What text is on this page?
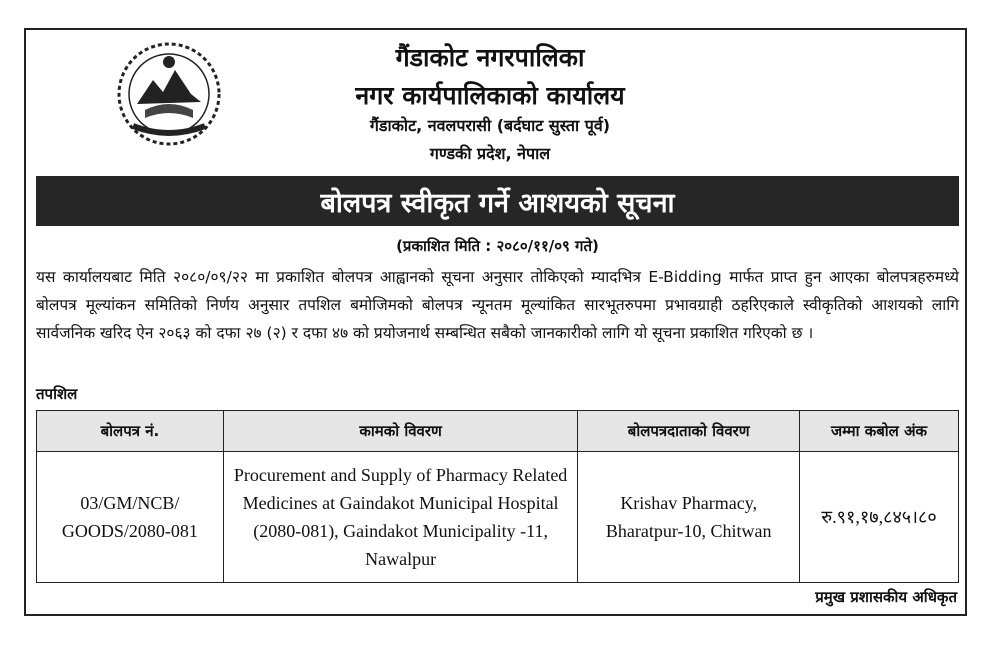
गैंडाकोट नगरपालिका
नगर कार्यपालिकाको कार्यालय
गैंडाकोट, नवलपरासी (बर्दघाट सुस्ता पूर्व)
गण्डकी प्रदेश, नेपाल
बोलपत्र स्वीकृत गर्ने आशयको सूचना
(प्रकाशित मिति : २०८०/११/०९ गते)
यस कार्यालयबाट मिति २०८०/०९/२२ मा प्रकाशित बोलपत्र आह्वानको सूचना अनुसार तोकिएको म्यादभित्र E-Bidding मार्फत प्राप्त हुन आएका बोलपत्रहरुमध्ये बोलपत्र मूल्यांकन समितिको निर्णय अनुसार तपशिल बमोजिमको बोलपत्र न्यूनतम मूल्यांकित सारभूतरुपमा प्रभावग्राही ठहरिएकाले स्वीकृतिको आशयको लागि सार्वजनिक खरिद ऐन २०६३ को दफा २७ (२) र दफा ४७ को प्रयोजनार्थ सम्बन्धित सबैको जानकारीको लागि यो सूचना प्रकाशित गरिएको छ ।
तपशिल
बोलपत्र नं.	कामको विवरण	बोलपत्रदाताको विवरण	जम्मा कबोल अंक
03/GM/NCB/ GOODS/2080-081	Procurement and Supply of Pharmacy Related Medicines at Gaindakot Municipal Hospital (2080-081), Gaindakot Municipality -11, Nawalpur	Krishav Pharmacy, Bharatpur-10, Chitwan	रु.९१,१७,८४५।८०
प्रमुख प्रशासकीय अधिकृत
